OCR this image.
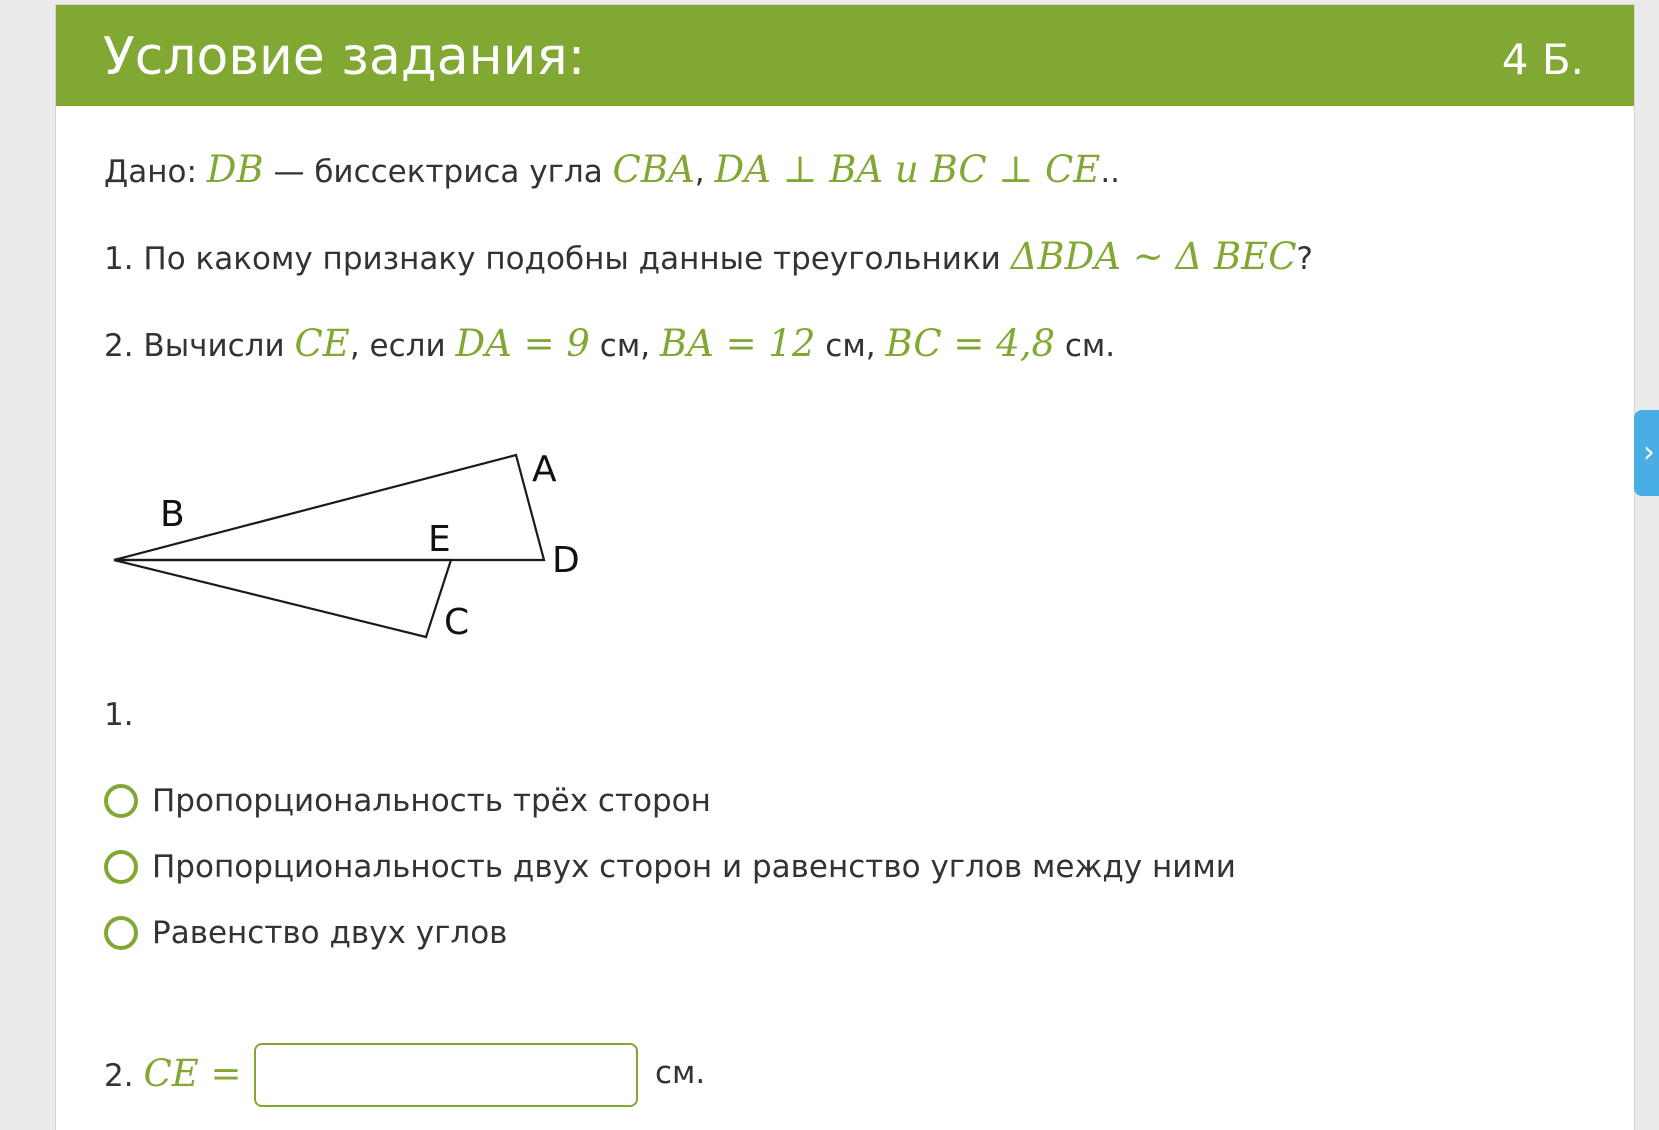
Условие задания:	4 Б.
Дано: DB — биссектриса угла CBA, DA ⊥ BA и BC ⊥ CE..
1. По какому признаку подобны данные треугольники ΔBDA ~ Δ BEC?
2. Вычисли CE, если DA = 9 см, BA = 12 см, BC = 4,8 см.
A
B
E
D
C
1.
Пропорциональность трёх сторон
Пропорциональность двух сторон и равенство углов между ними
Равенство двух углов
2. CE =	см.
›
